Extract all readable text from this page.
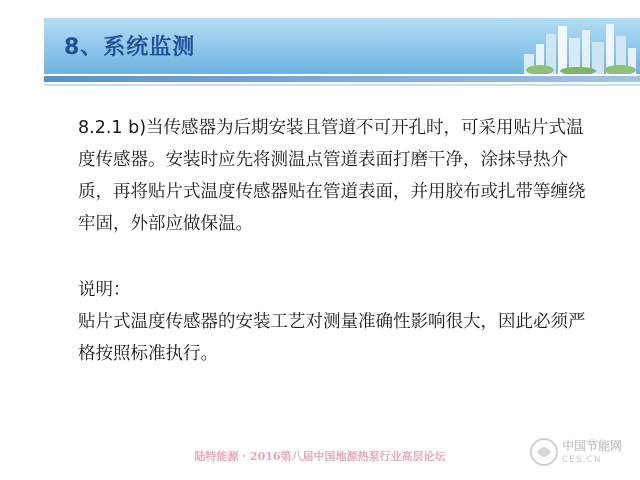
8、系统监测

8.2.1 b)当传感器为后期安装且管道不可开孔时，可采用贴片式温度传感器。安装时应先将测温点管道表面打磨干净，涂抹导热介质，再将贴片式温度传感器贴在管道表面，并用胶布或扎带等缠绕牢固，外部应做保温。

说明：

贴片式温度传感器的安装工艺对测量准确性影响很大，因此必须严格按照标准执行。

陆特能源 · 2016第八届中国地源热泵行业高层论坛
中国节能网
CES.CN
